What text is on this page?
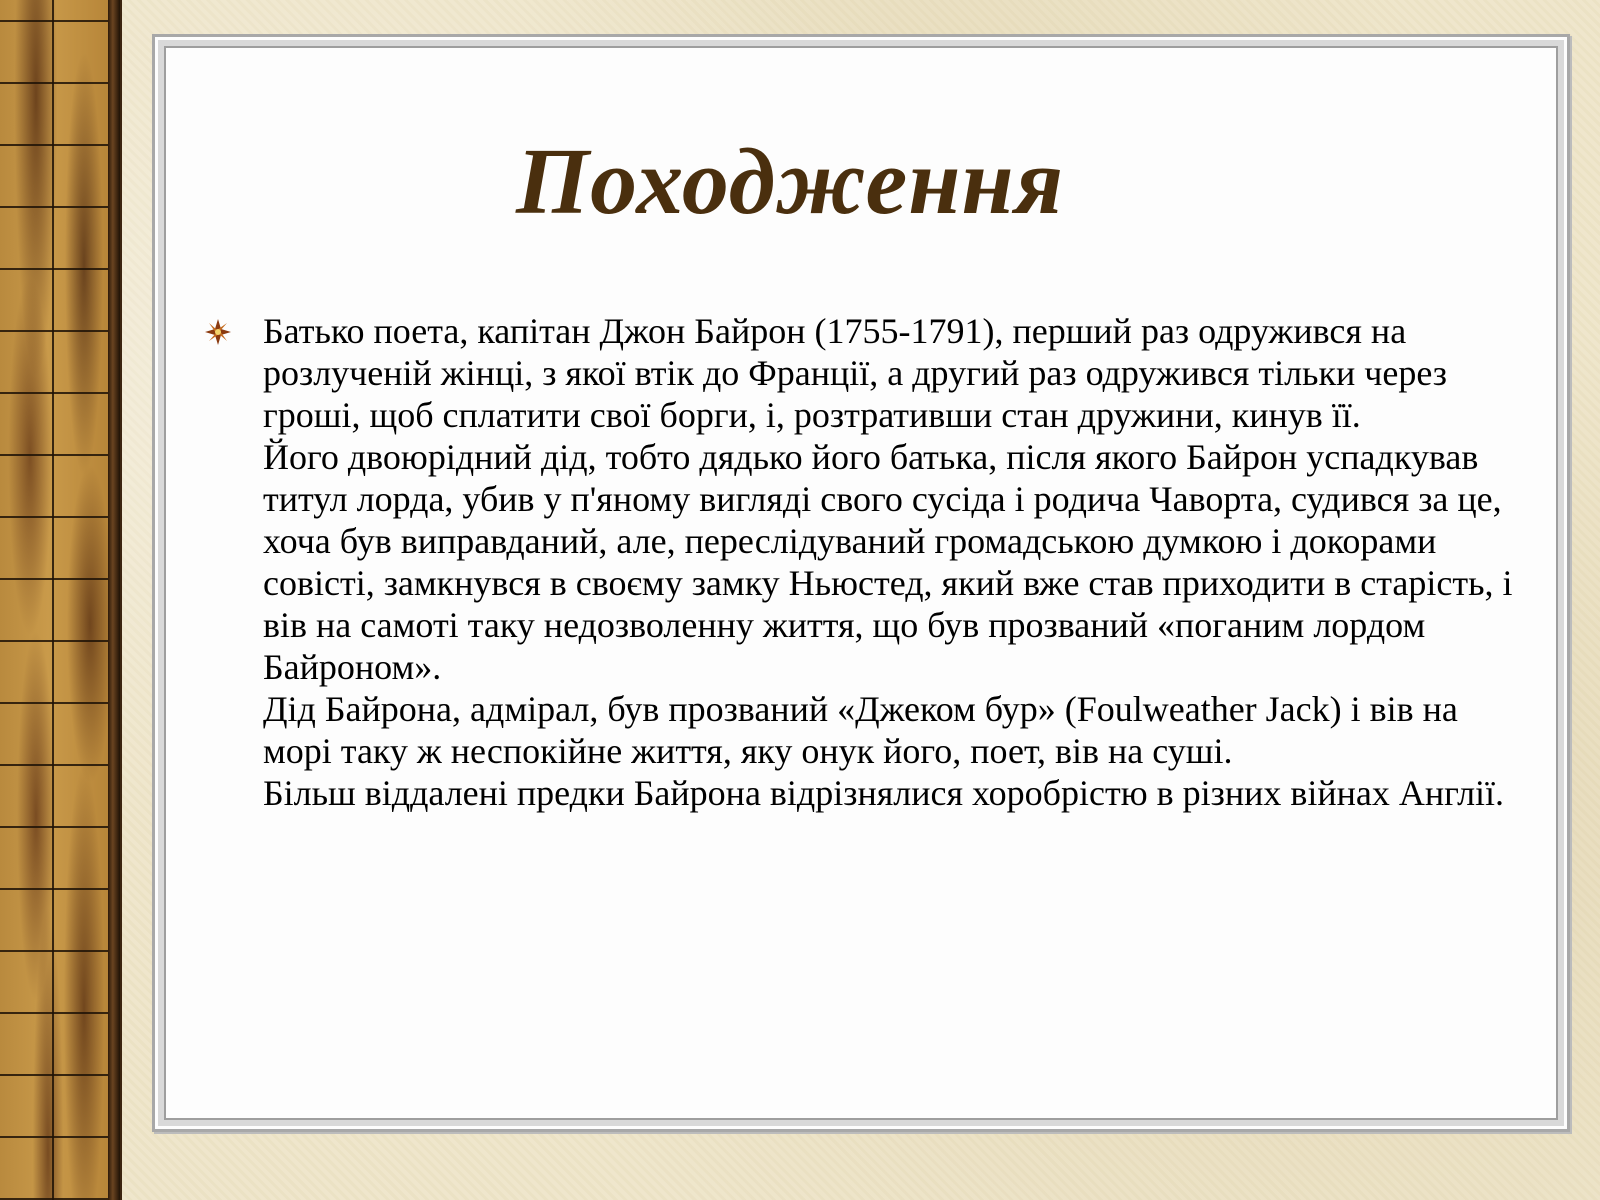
Походження

Батько поета, капітан Джон Байрон (1755-1791), перший раз одружився на розлученій жінці, з якої втік до Франції, а другий раз одружився тільки через гроші, щоб сплатити свої борги, і, розтративши стан дружини, кинув її.

Його двоюрідний дід, тобто дядько його батька, після якого Байрон успадкував титул лорда, убив у п'яному вигляді свого сусіда і родича Чаворта, судився за це, хоча був виправданий, але, переслідуваний громадською думкою і докорами совісті, замкнувся в своєму замку Ньюстед, який вже став приходити в старість, і вів на самоті таку недозволенну життя, що був прозваний «поганим лордом Байроном».

Дід Байрона, адмірал, був прозваний «Джеком бур» (Foulweather Jack) і вів на морі таку ж неспокійне життя, яку онук його, поет, вів на суші.

Більш віддалені предки Байрона відрізнялися хоробрістю в різних війнах Англії.
